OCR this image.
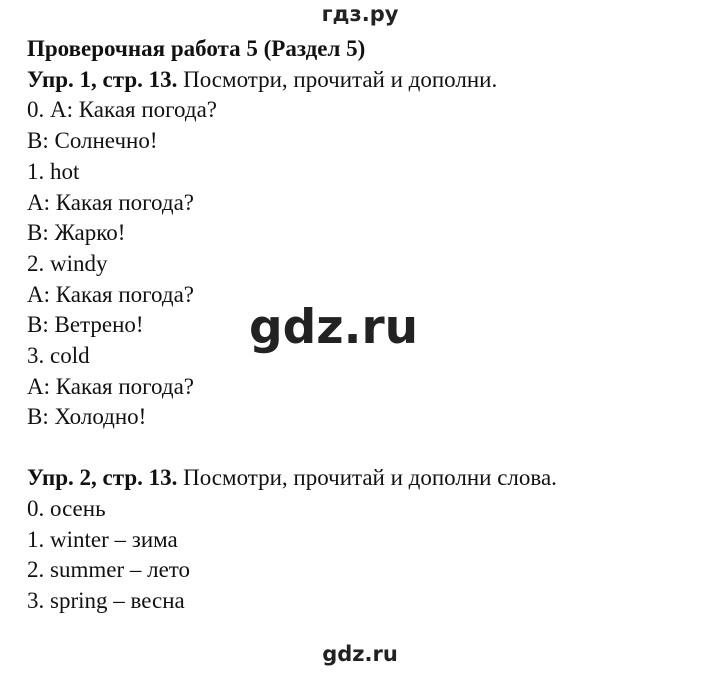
гдз.ру

Проверочная работа 5 (Раздел 5)

Упр. 1, стр. 13. Посмотри, прочитай и дополни.

0. А: Какая погода?

В: Солнечно!

1. hot

А: Какая погода?

В: Жарко!

2. windy

А: Какая погода?

В: Ветрено!

3. cold

А: Какая погода?

В: Холодно!

Упр. 2, стр. 13. Посмотри, прочитай и дополни слова.

0. осень

1. winter – зима

2. summer – лето

3. spring – весна

gdz.ru
gdz.ru
